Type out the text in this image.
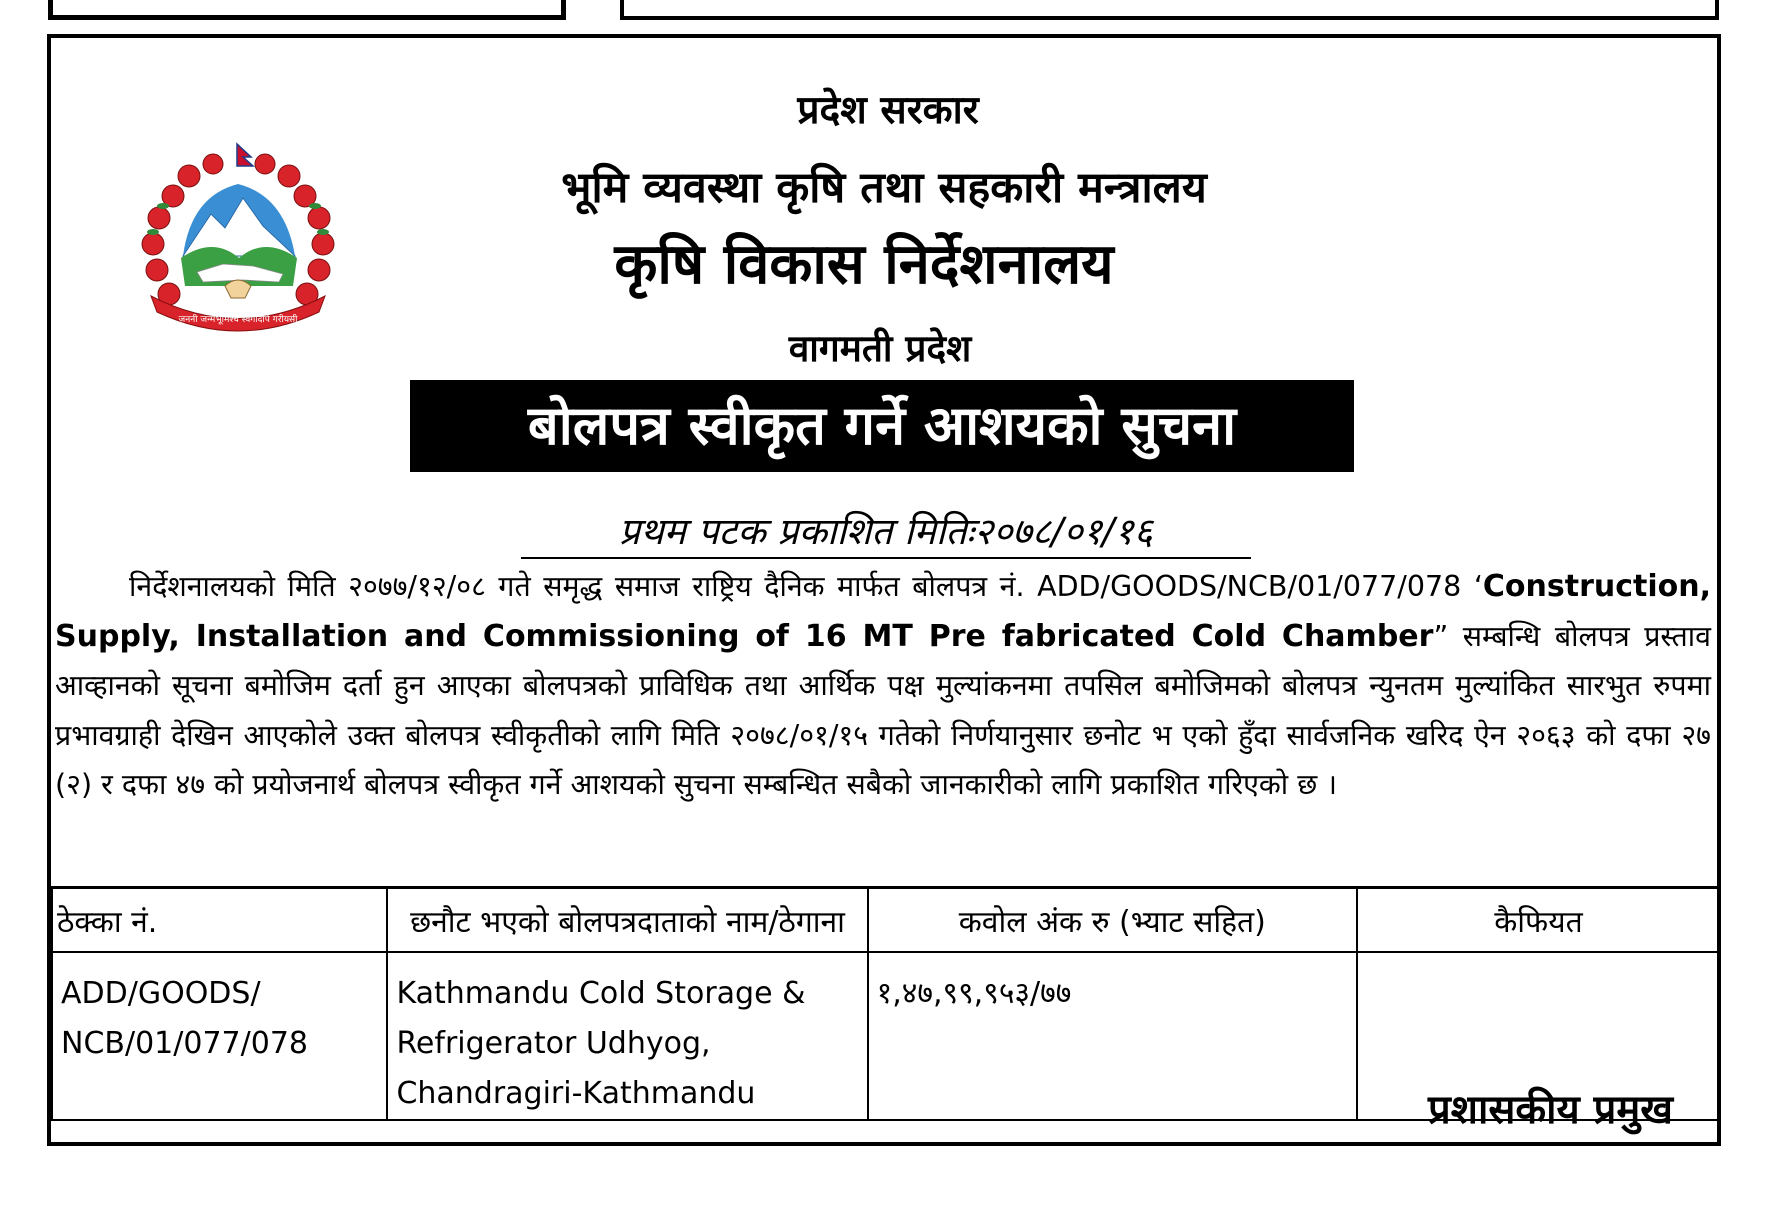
जननी जन्मभूमिश्च स्वर्गादपि गरीयसी
प्रदेश सरकार
भूमि व्यवस्था कृषि तथा सहकारी मन्त्रालय
कृषि विकास निर्देशनालय
वागमती प्रदेश
बोलपत्र स्वीकृत गर्ने आशयको सुचना
प्रथम पटक प्रकाशित मितिः२०७८/०१/१६

निर्देशनालयको मिति २०७७/१२/०८ गते समृद्ध समाज राष्ट्रिय दैनिक मार्फत बोलपत्र नं. ADD/GOODS/NCB/01/077/078 ‘Construction, Supply, Installation and Commissioning of 16 MT Pre fabricated Cold Chamber” सम्बन्धि बोलपत्र प्रस्ताव आव्हानको सूचना बमोजिम दर्ता हुन आएका बोलपत्रको प्राविधिक तथा आर्थिक पक्ष मुल्यांकनमा तपसिल बमोजिमको बोलपत्र न्युनतम मुल्यांकित सारभुत रुपमा प्रभावग्राही देखिन आएकोले उक्त बोलपत्र स्वीकृतीको लागि मिति २०७८/०१/१५ गतेको निर्णयानुसार छनोट भ एको हुँदा सार्वजनिक खरिद ऐन २०६३ को दफा २७ (२) र दफा ४७ को प्रयोजनार्थ बोलपत्र स्वीकृत गर्ने आशयको सुचना सम्बन्धित सबैको जानकारीको लागि प्रकाशित गरिएको छ ।

ठेक्का नं.	छनौट भएको बोलपत्रदाताको नाम/ठेगाना	कवोल अंक रु (भ्याट सहित)	कैफियत
ADD/GOODS/ NCB/01/077/078	Kathmandu Cold Storage & Refrigerator Udhyog, Chandragiri-Kathmandu	१,४७,९९,९५३/७७	
प्रशासकीय प्रमुख
